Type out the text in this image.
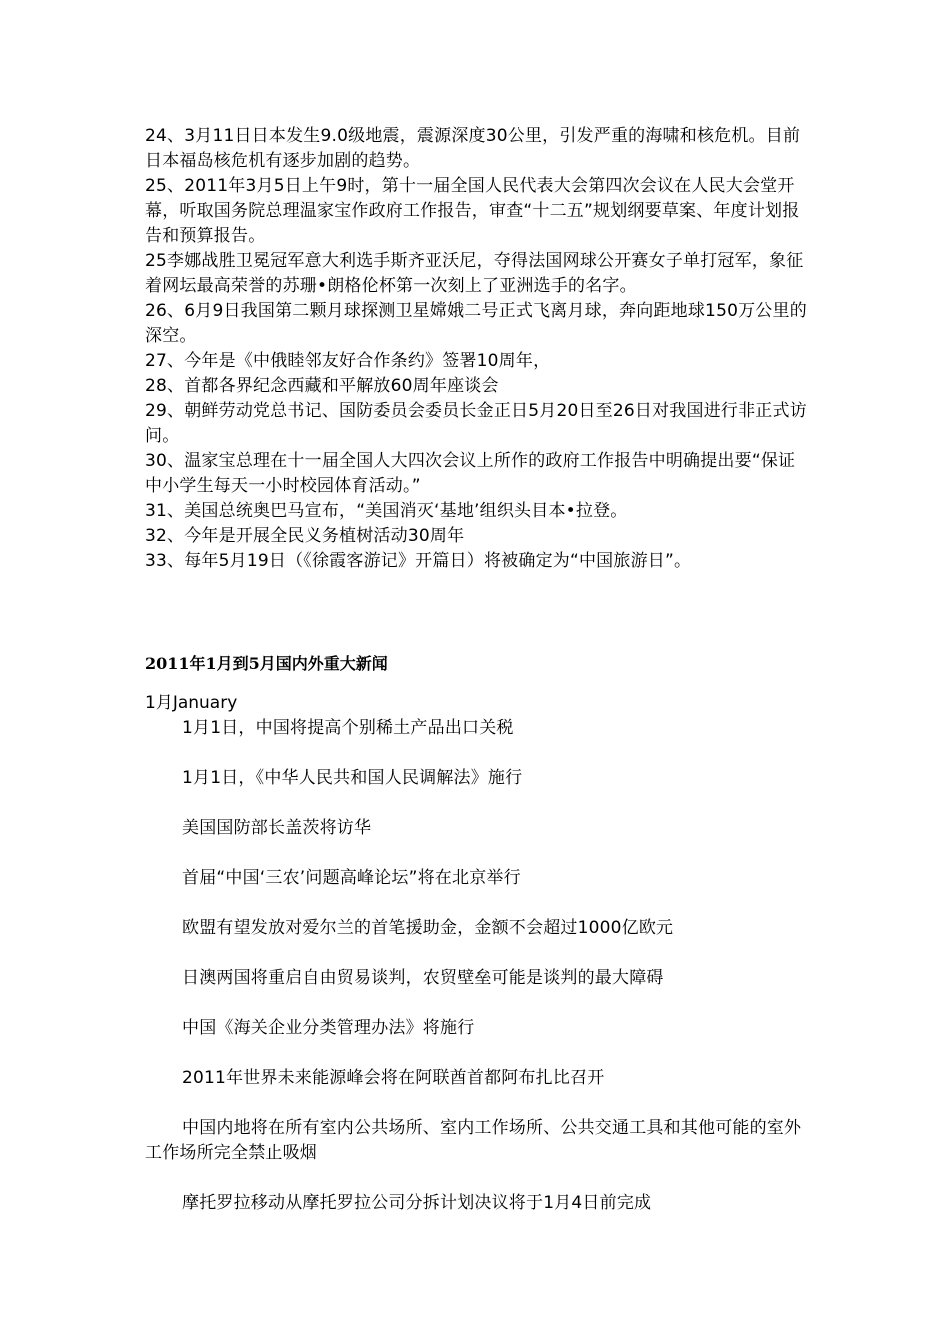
24、3月11日日本发生9.0级地震，震源深度30公里，引发严重的海啸和核危机。目前日本福岛核危机有逐步加剧的趋势。

25、2011年3月5日上午9时，第十一届全国人民代表大会第四次会议在人民大会堂开幕，听取国务院总理温家宝作政府工作报告，审查“十二五”规划纲要草案、年度计划报告和预算报告。

25李娜战胜卫冕冠军意大利选手斯齐亚沃尼，夺得法国网球公开赛女子单打冠军，象征着网坛最高荣誉的苏珊•朗格伦杯第一次刻上了亚洲选手的名字。

26、6月9日我国第二颗月球探测卫星嫦娥二号正式飞离月球，奔向距地球150万公里的深空。

27、今年是《中俄睦邻友好合作条约》签署10周年，

28、首都各界纪念西藏和平解放60周年座谈会

29、朝鲜劳动党总书记、国防委员会委员长金正日5月20日至26日对我国进行非正式访问。

30、温家宝总理在十一届全国人大四次会议上所作的政府工作报告中明确提出要“保证中小学生每天一小时校园体育活动。”

31、美国总统奥巴马宣布，“美国消灭‘基地’组织头目本•拉登。

32、今年是开展全民义务植树活动30周年

33、每年5月19日（《徐霞客游记》开篇日）将被确定为“中国旅游日”。

2011年1月到5月国内外重大新闻
1月January

1月1日，中国将提高个别稀土产品出口关税

1月1日，《中华人民共和国人民调解法》施行

美国国防部长盖茨将访华

首届“中国‘三农’问题高峰论坛”将在北京举行

欧盟有望发放对爱尔兰的首笔援助金，金额不会超过1000亿欧元

日澳两国将重启自由贸易谈判，农贸壁垒可能是谈判的最大障碍

中国《海关企业分类管理办法》将施行

2011年世界未来能源峰会将在阿联酋首都阿布扎比召开

中国内地将在所有室内公共场所、室内工作场所、公共交通工具和其他可能的室外工作场所完全禁止吸烟

摩托罗拉移动从摩托罗拉公司分拆计划决议将于1月4日前完成
